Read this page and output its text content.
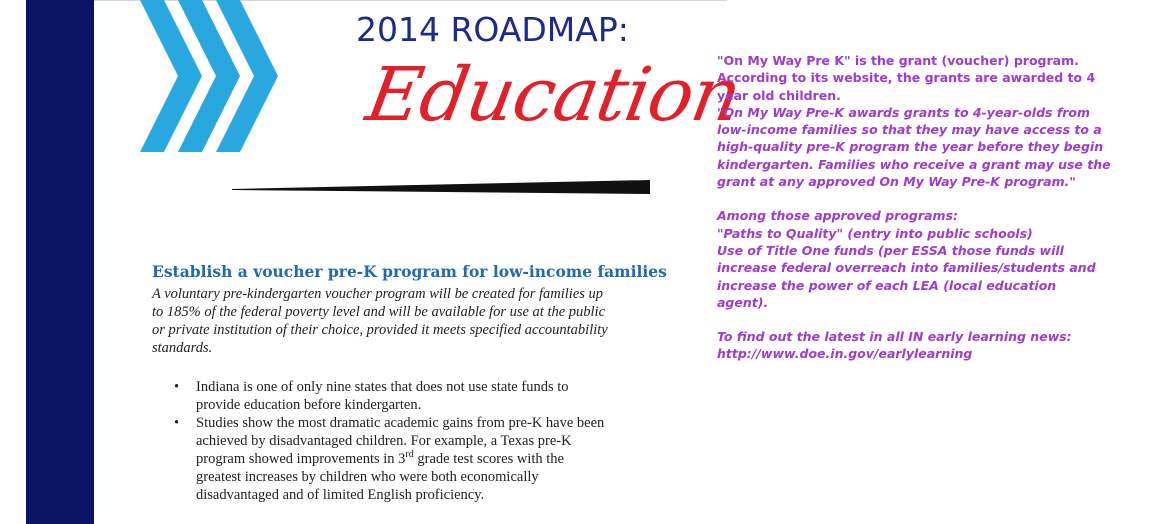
2014 ROADMAP:
Education
Establish a voucher pre-K program for low-income families

A voluntary pre-kindergarten voucher program will be created for families up
to 185% of the federal poverty level and will be available for use at the public
or private institution of their choice, provided it meets specified accountability
standards.

• Indiana is one of only nine states that does not use state funds to
provide education before kindergarten.
• Studies show the most dramatic academic gains from pre-K have been
achieved by disadvantaged children. For example, a Texas pre-K
program showed improvements in 3rd grade test scores with the
greatest increases by children who were both economically
disadvantaged and of limited English proficiency.

"On My Way Pre K" is the grant (voucher) program.
According to its website, the grants are awarded to 4
year old children.

"On My Way Pre-K awards grants to 4-year-olds from
low-income families so that they may have access to a
high-quality pre-K program the year before they begin
kindergarten. Families who receive a grant may use the
grant at any approved On My Way Pre-K program."

Among those approved programs:
"Paths to Quality" (entry into public schools)
Use of Title One funds (per ESSA those funds will
increase federal overreach into families/students and
increase the power of each LEA (local education
agent).

To find out the latest in all IN early learning news:
http://www.doe.in.gov/earlylearning
